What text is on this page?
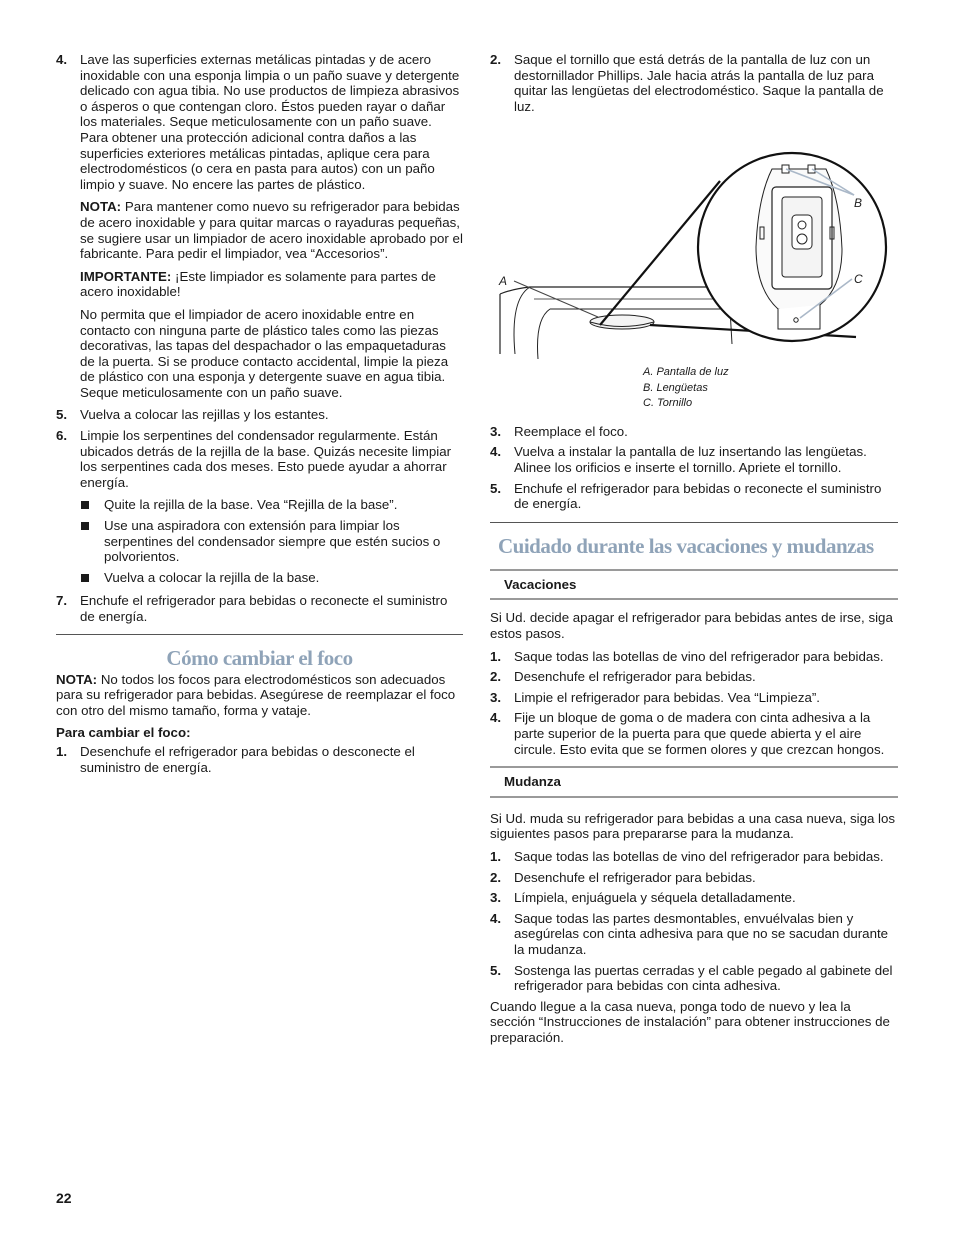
4. Lave las superficies externas metálicas pintadas y de acero inoxidable con una esponja limpia o un paño suave y detergente delicado con agua tibia. No use productos de limpieza abrasivos o ásperos o que contengan cloro. Éstos pueden rayar o dañar los materiales. Seque meticulosamente con un paño suave. Para obtener una protección adicional contra daños a las superficies exteriores metálicas pintadas, aplique cera para electrodomésticos (o cera en pasta para autos) con un paño limpio y suave. No encere las partes de plástico.

NOTA: Para mantener como nuevo su refrigerador para bebidas de acero inoxidable y para quitar marcas o rayaduras pequeñas, se sugiere usar un limpiador de acero inoxidable aprobado por el fabricante. Para pedir el limpiador, vea “Accesorios”.

IMPORTANTE: ¡Este limpiador es solamente para partes de acero inoxidable!

No permita que el limpiador de acero inoxidable entre en contacto con ninguna parte de plástico tales como las piezas decorativas, las tapas del despachador o las empaquetaduras de la puerta. Si se produce contacto accidental, limpie la pieza de plástico con una esponja y detergente suave en agua tibia. Seque meticulosamente con un paño suave.

5. Vuelva a colocar las rejillas y los estantes.
6. Limpie los serpentines del condensador regularmente. Están ubicados detrás de la rejilla de la base. Quizás necesite limpiar los serpentines cada dos meses. Esto puede ayudar a ahorrar energía.

Quite la rejilla de la base. Vea “Rejilla de la base”.
Use una aspiradora con extensión para limpiar los serpentines del condensador siempre que estén sucios o polvorientos.
Vuelva a colocar la rejilla de la base.
7. Enchufe el refrigerador para bebidas o reconecte el suministro de energía.
Cómo cambiar el foco

NOTA: No todos los focos para electrodomésticos son adecuados para su refrigerador para bebidas. Asegúrese de reemplazar el foco con otro del mismo tamaño, forma y vataje.

Para cambiar el foco:

1. Desenchufe el refrigerador para bebidas o desconecte el suministro de energía.
2. Saque el tornillo que está detrás de la pantalla de luz con un destornillador Phillips. Jale hacia atrás la pantalla de luz para quitar las lengüetas del electrodoméstico. Saque la pantalla de luz.
A
B
C
A. Pantalla de luz
B. Lengüetas
C. Tornillo
3. Reemplace el foco.
4. Vuelva a instalar la pantalla de luz insertando las lengüetas. Alinee los orificios e inserte el tornillo. Apriete el tornillo.
5. Enchufe el refrigerador para bebidas o reconecte el suministro de energía.
Cuidado durante las vacaciones y mudanzas
Vacaciones

Si Ud. decide apagar el refrigerador para bebidas antes de irse, siga estos pasos.

1. Saque todas las botellas de vino del refrigerador para bebidas.
2. Desenchufe el refrigerador para bebidas.
3. Limpie el refrigerador para bebidas. Vea “Limpieza”.
4. Fije un bloque de goma o de madera con cinta adhesiva a la parte superior de la puerta para que quede abierta y el aire circule. Esto evita que se formen olores y que crezcan hongos.
Mudanza

Si Ud. muda su refrigerador para bebidas a una casa nueva, siga los siguientes pasos para prepararse para la mudanza.

1. Saque todas las botellas de vino del refrigerador para bebidas.
2. Desenchufe el refrigerador para bebidas.
3. Límpiela, enjuáguela y séquela detalladamente.
4. Saque todas las partes desmontables, envuélvalas bien y asegúrelas con cinta adhesiva para que no se sacudan durante la mudanza.
5. Sostenga las puertas cerradas y el cable pegado al gabinete del refrigerador para bebidas con cinta adhesiva.

Cuando llegue a la casa nueva, ponga todo de nuevo y lea la sección “Instrucciones de instalación” para obtener instrucciones de preparación.

22
